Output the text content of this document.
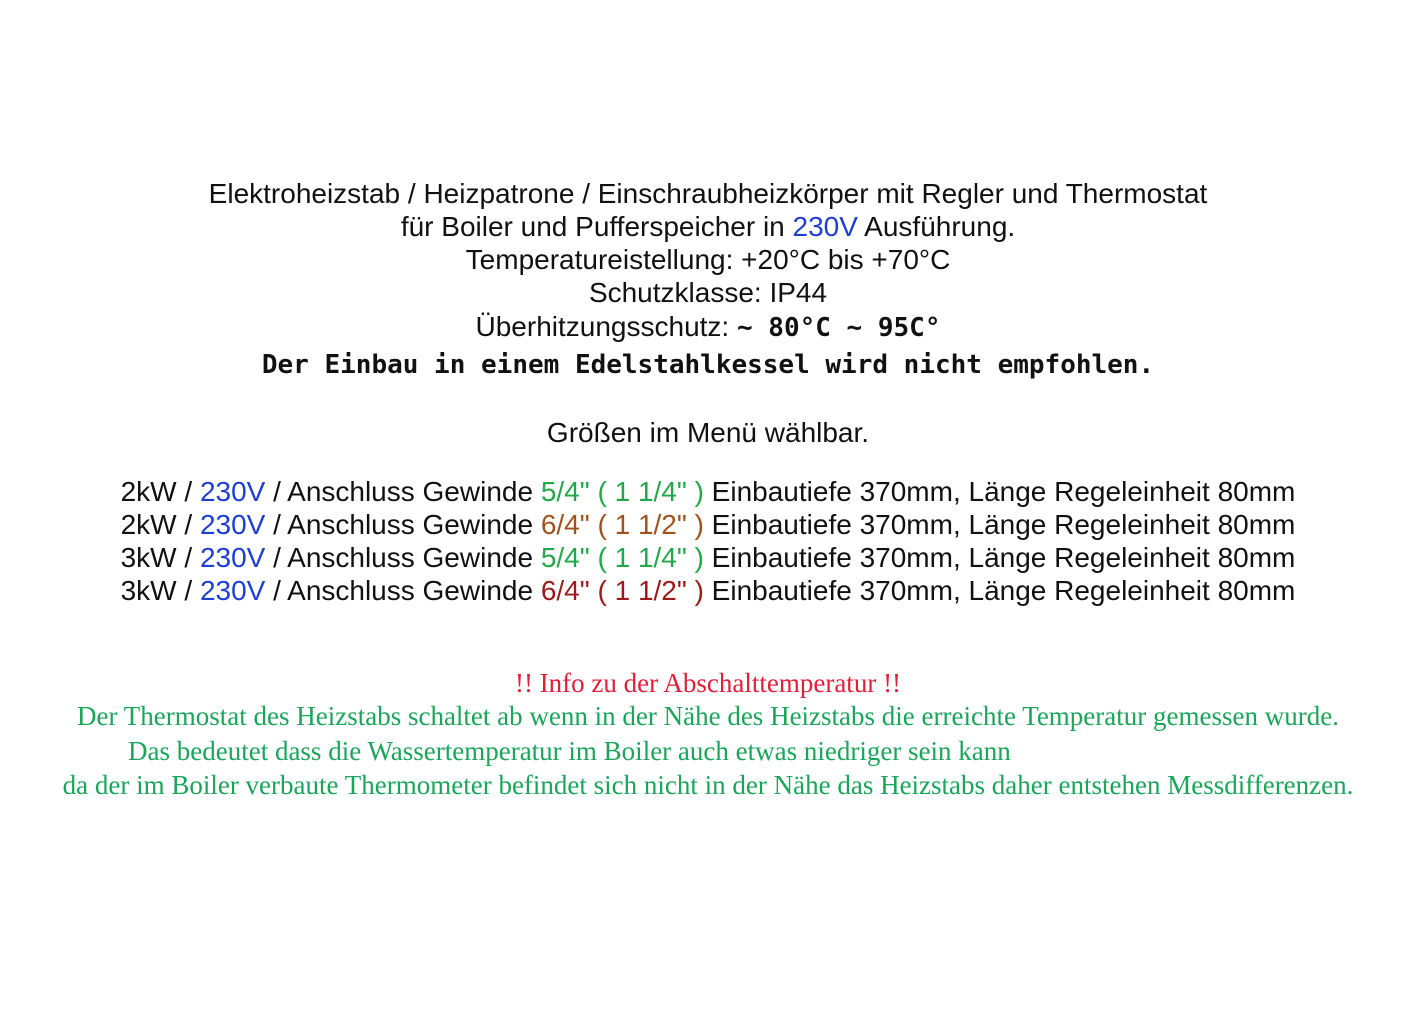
Elektroheizstab / Heizpatrone / Einschraubheizkörper mit Regler und Thermostat
für Boiler und Pufferspeicher in 230V Ausführung.
Temperatureistellung: +20°C bis +70°C
Schutzklasse: IP44
Überhitzungsschutz: ~ 80°C ~ 95C°
Der Einbau in einem Edelstahlkessel wird nicht empfohlen.
Größen im Menü wählbar.
2kW / 230V / Anschluss Gewinde 5/4" ( 1 1/4" ) Einbautiefe 370mm, Länge Regeleinheit 80mm
2kW / 230V / Anschluss Gewinde 6/4" ( 1 1/2" ) Einbautiefe 370mm, Länge Regeleinheit 80mm
3kW / 230V / Anschluss Gewinde 5/4" ( 1 1/4" ) Einbautiefe 370mm, Länge Regeleinheit 80mm
3kW / 230V / Anschluss Gewinde 6/4" ( 1 1/2" ) Einbautiefe 370mm, Länge Regeleinheit 80mm
!! Info zu der Abschalttemperatur !!
Der Thermostat des Heizstabs schaltet ab wenn in der Nähe des Heizstabs die erreichte Temperatur gemessen wurde.
Das bedeutet dass die Wassertemperatur im Boiler auch etwas niedriger sein kann
da der im Boiler verbaute Thermometer befindet sich nicht in der Nähe das Heizstabs daher entstehen Messdifferenzen.
